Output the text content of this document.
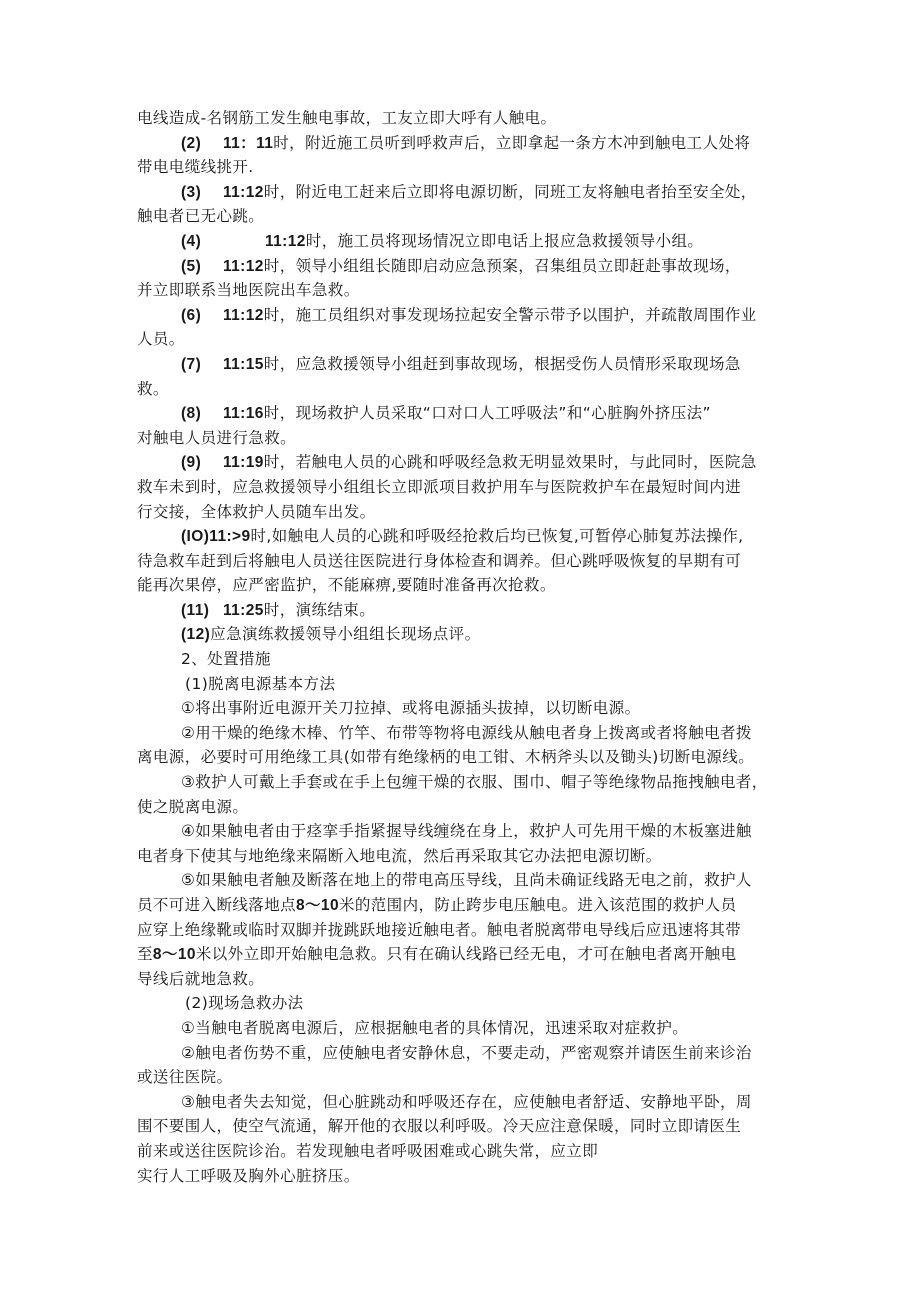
电线造成-名钢筋工发生触电事故，工友立即大呼有人触电。
(2) 11：11时，附近施工员听到呼救声后，立即拿起一条方木冲到触电工人处将
带电电缆线挑开.
(3) 11:12时，附近电工赶来后立即将电源切断，同班工友将触电者抬至安全处，
触电者已无心跳。
(4)	11:12时，施工员将现场情况立即电话上报应急救援领导小组。
(5) 11:12时，领导小组组长随即启动应急预案，召集组员立即赶赴事故现场，
并立即联系当地医院出车急救。
(6) 11:12时，施工员组织对事发现场拉起安全警示带予以围护，并疏散周围作业
人员。
(7) 11:15时，应急救援领导小组赶到事故现场，根据受伤人员情形采取现场急
救。
(8) 11:16时，现场救护人员采取“口对口人工呼吸法”和“心脏胸外挤压法”
对触电人员进行急救。
(9) 11:19时，若触电人员的心跳和呼吸经急救无明显效果时，与此同时，医院急
救车未到时，应急救援领导小组组长立即派项目救护用车与医院救护车在最短时间内进
行交接，全体救护人员随车出发。
(IO)11:>9时,如触电人员的心跳和呼吸经抢救后均已恢复,可暂停心肺复苏法操作,
待急救车赶到后将触电人员送往医院进行身体检查和调养。但心跳呼吸恢复的早期有可
能再次果停，应严密监护，不能麻痹,要随时准备再次抢救。
(11) 11:25时，演练结束。
(12)应急演练救援领导小组组长现场点评。
2、处置措施
(1)脱离电源基本方法
①将出事附近电源开关刀拉掉、或将电源插头拔掉，以切断电源。
②用干燥的绝缘木棒、竹竿、布带等物将电源线从触电者身上拨离或者将触电者拨
离电源，必要时可用绝缘工具(如带有绝缘柄的电工钳、木柄斧头以及锄头)切断电源线。
③救护人可戴上手套或在手上包缠干燥的衣服、围巾、帽子等绝缘物品拖拽触电者，
使之脱离电源。
④如果触电者由于痉挛手指紧握导线缠绕在身上，救护人可先用干燥的木板塞进触
电者身下使其与地绝缘来隔断入地电流，然后再采取其它办法把电源切断。
⑤如果触电者触及断落在地上的带电高压导线，且尚未确证线路无电之前，救护人
员不可进入断线落地点8〜10米的范围内，防止跨步电压触电。进入该范围的救护人员
应穿上绝缘靴或临时双脚并拢跳跃地接近触电者。触电者脱离带电导线后应迅速将其带
至8〜10米以外立即开始触电急救。只有在确认线路已经无电，才可在触电者离开触电
导线后就地急救。
(2)现场急救办法
①当触电者脱离电源后，应根据触电者的具体情况，迅速采取对症救护。
②触电者伤势不重，应使触电者安静休息，不要走动，严密观察并请医生前来诊治
或送往医院。
③触电者失去知觉，但心脏跳动和呼吸还存在，应使触电者舒适、安静地平卧，周
围不要围人，使空气流通，解开他的衣服以利呼吸。冷天应注意保暖，同时立即请医生
前来或送往医院诊治。若发现触电者呼吸困难或心跳失常，应立即
实行人工呼吸及胸外心脏挤压。
